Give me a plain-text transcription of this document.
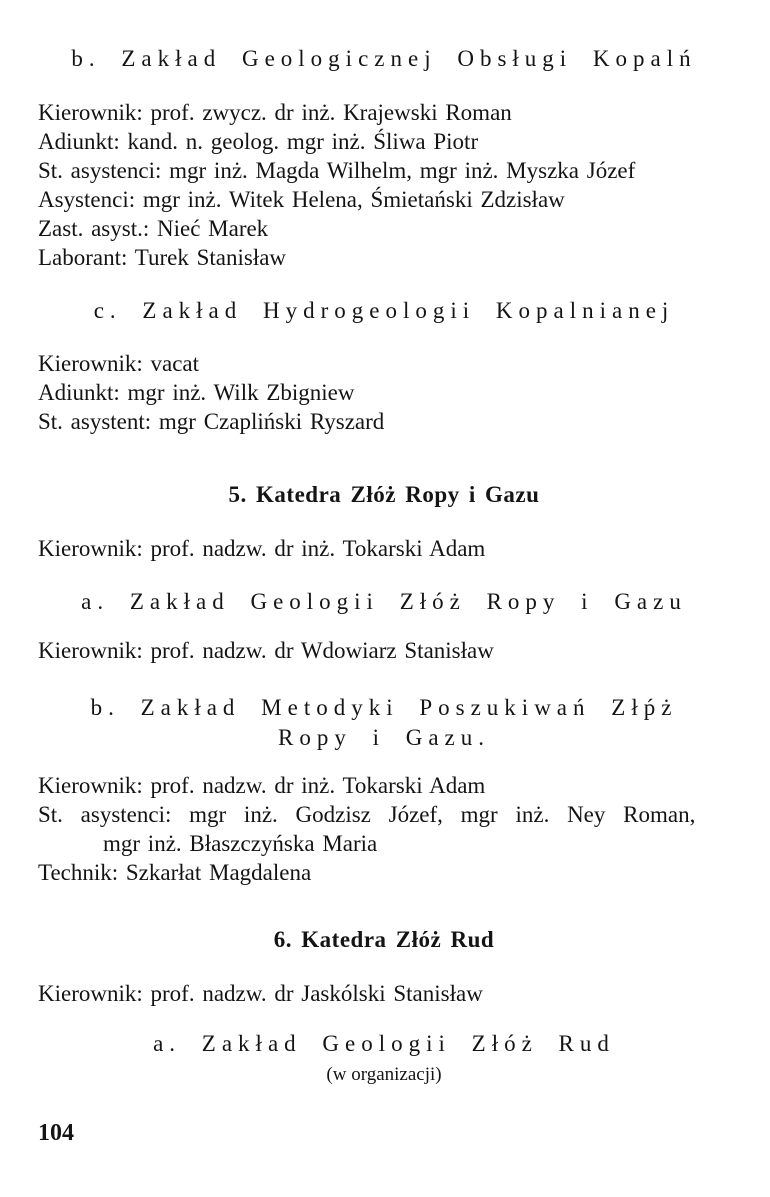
b. Zakład Geologicznej Obsługi Kopalń
Kierownik: prof. zwycz. dr inż. Krajewski Roman
Adiunkt: kand. n. geolog. mgr inż. Śliwa Piotr
St. asystenci: mgr inż. Magda Wilhelm, mgr inż. Myszka Józef
Asystenci: mgr inż. Witek Helena, Śmietański Zdzisław
Zast. asyst.: Nieć Marek
Laborant: Turek Stanisław
c. Zakład Hydrogeologii Kopalnianej
Kierownik: vacat
Adiunkt: mgr inż. Wilk Zbigniew
St. asystent: mgr Czapliński Ryszard
5. Katedra Złóż Ropy i Gazu
Kierownik: prof. nadzw. dr inż. Tokarski Adam
a. Zakład Geologii Złóż Ropy i Gazu
Kierownik: prof. nadzw. dr Wdowiarz Stanisław
b. Zakład Metodyki Poszukiwań Złṕż
Ropy i Gazu.
Kierownik: prof. nadzw. dr inż. Tokarski Adam
St. asystenci: mgr inż. Godzisz Józef, mgr inż. Ney Roman,
mgr inż. Błaszczyńska Maria
Technik: Szkarłat Magdalena
6. Katedra Złóż Rud
Kierownik: prof. nadzw. dr Jaskólski Stanisław
a. Zakład Geologii Złóż Rud
(w organizacji)
104
